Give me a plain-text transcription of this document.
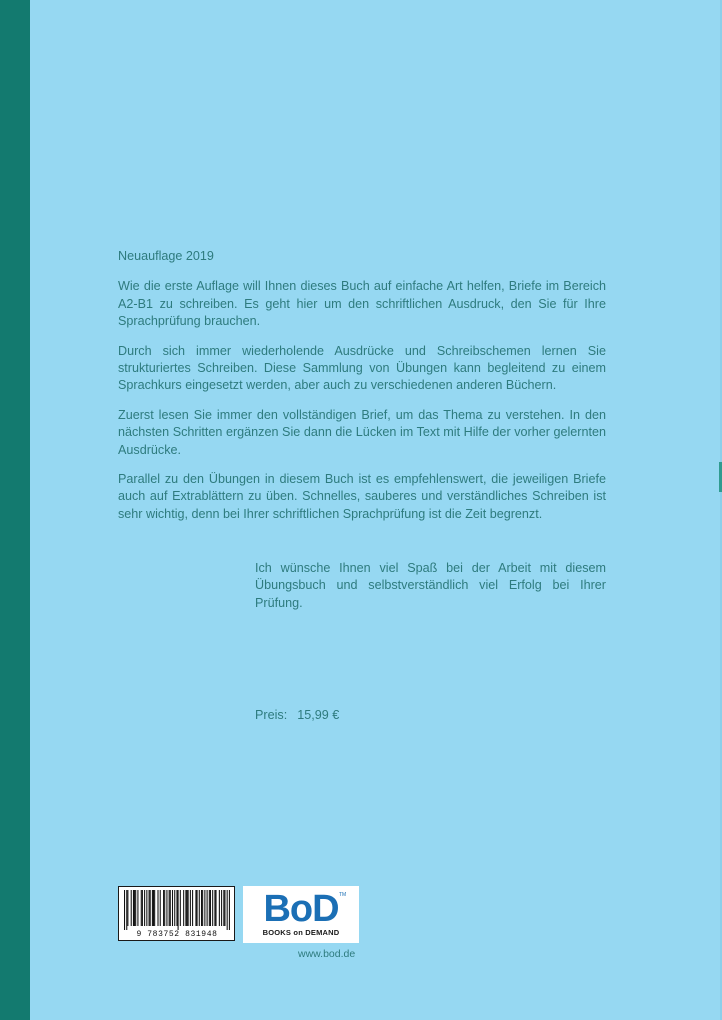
Neuauflage 2019

Wie die erste Auflage will Ihnen dieses Buch auf einfache Art helfen, Briefe im Bereich A2-B1 zu schreiben. Es geht hier um den schriftlichen Ausdruck, den Sie für Ihre Sprachprüfung brauchen.

Durch sich immer wiederholende Ausdrücke und Schreibschemen lernen Sie strukturiertes Schreiben. Diese Sammlung von Übungen kann begleitend zu einem Sprachkurs eingesetzt werden, aber auch zu verschiedenen anderen Büchern.

Zuerst lesen Sie immer den vollständigen Brief, um das Thema zu verstehen. In den nächsten Schritten ergänzen Sie dann die Lücken im Text mit Hilfe der vorher gelernten Ausdrücke.

Parallel zu den Übungen in diesem Buch ist es empfehlenswert, die jeweiligen Briefe auch auf Extrablättern zu üben. Schnelles, sauberes und verständliches Schreiben ist sehr wichtig, denn bei Ihrer schriftlichen Sprachprüfung ist die Zeit begrenzt.

Ich wünsche Ihnen viel Spaß bei der Arbeit mit diesem Übungsbuch und selbstverständlich viel Erfolg bei Ihrer Prüfung.

Preis: 15,99 €
9 783752 831948
BoD TM
BOOKS on DEMAND
www.bod.de
